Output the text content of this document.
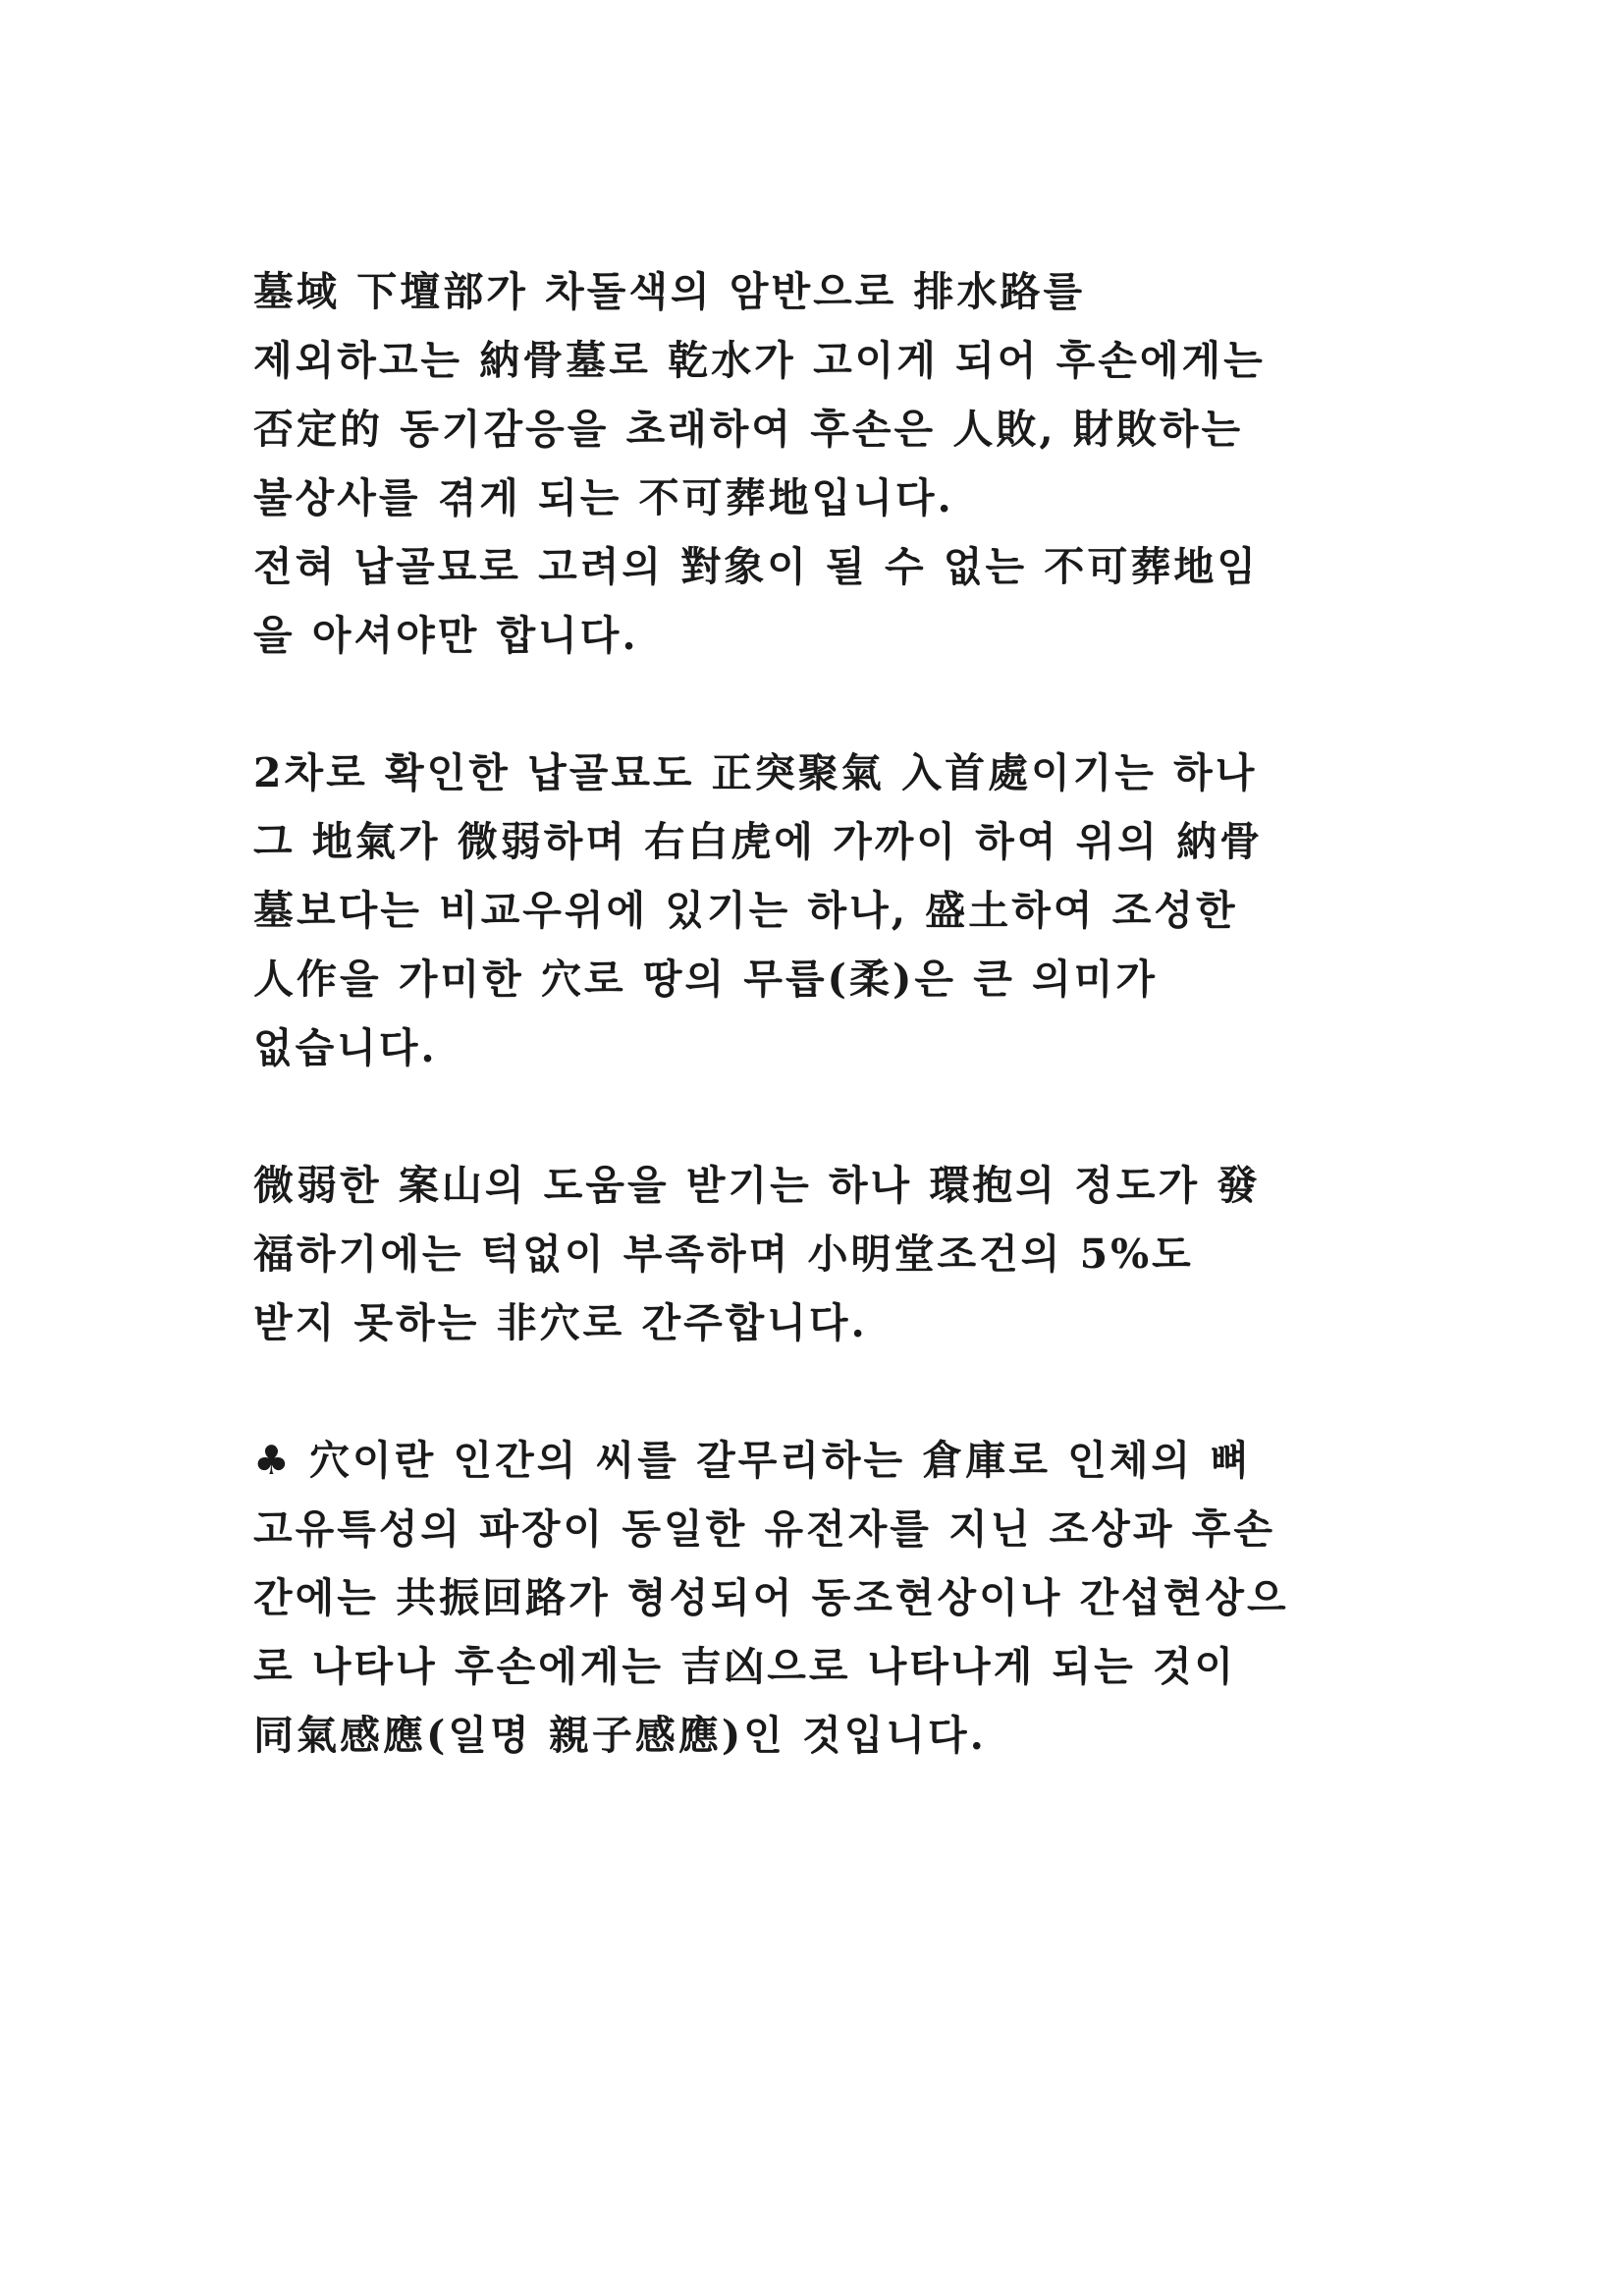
墓域 下壇部가 차돌색의 암반으로 排水路를
제외하고는 納骨墓로 乾水가 고이게 되어 후손에게는
否定的 동기감응을 초래하여 후손은 人敗, 財敗하는
불상사를 겪게 되는 不可葬地입니다.
전혀 납골묘로 고려의 對象이 될 수 없는 不可葬地임
을 아셔야만 합니다.
2차로 확인한 납골묘도 正突聚氣 入首處이기는 하나
그 地氣가 微弱하며 右白虎에 가까이 하여 위의 納骨
墓보다는 비교우위에 있기는 하나, 盛土하여 조성한
人作을 가미한 穴로 땅의 무릅(柔)은 큰 의미가
없습니다.
微弱한 案山의 도움을 받기는 하나 環抱의 정도가 發
福하기에는 턱없이 부족하며 小明堂조건의 5%도
받지 못하는 非穴로 간주합니다.
♣ 穴이란 인간의 씨를 갈무리하는 倉庫로 인체의 뼈
고유특성의 파장이 동일한 유전자를 지닌 조상과 후손
간에는 共振回路가 형성되어 동조현상이나 간섭현상으
로 나타나 후손에게는 吉凶으로 나타나게 되는 것이
同氣感應(일명 親子感應)인 것입니다.
